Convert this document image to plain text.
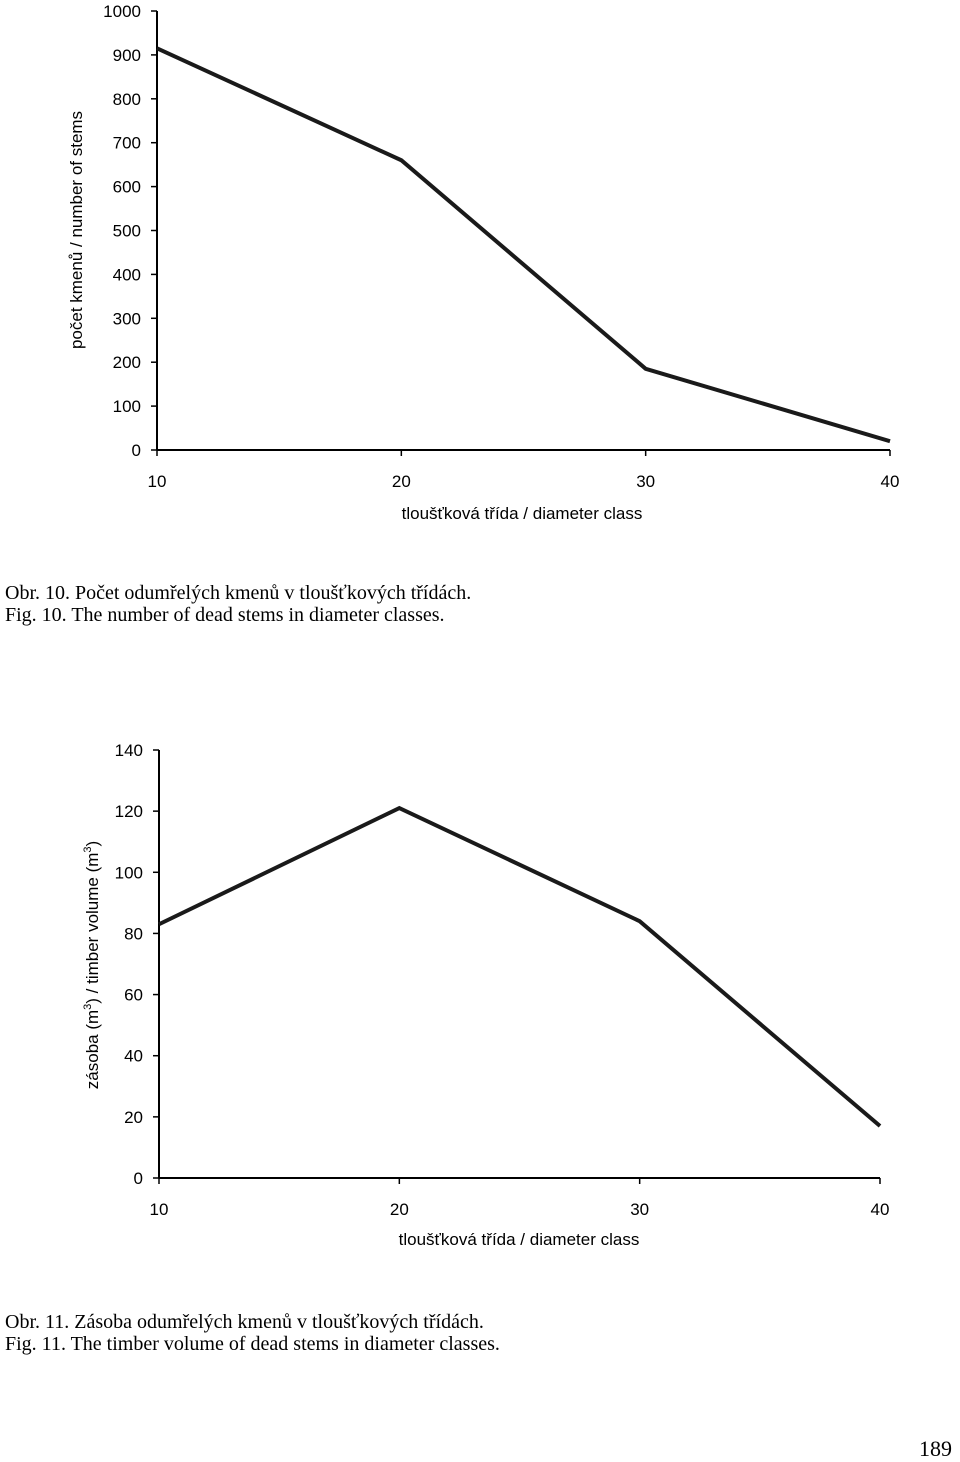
0
100
200
300
400
500
600
700
800
900
1000
10	20	30	40
tloušťková třída / diameter class
počet kmenů / number of stems
Obr. 10. Počet odumřelých kmenů v tloušťkových třídách.
Fig. 10. The number of dead stems in diameter classes.
0
20
40
60
80
100
120
140
10	20	30	40
tloušťková třída / diameter class
zásoba $(m^3)$ / timber volume $(m^3)$
Obr. 11. Zásoba odumřelých kmenů v tloušťkových třídách.
Fig. 11. The timber volume of dead stems in diameter classes.
189
